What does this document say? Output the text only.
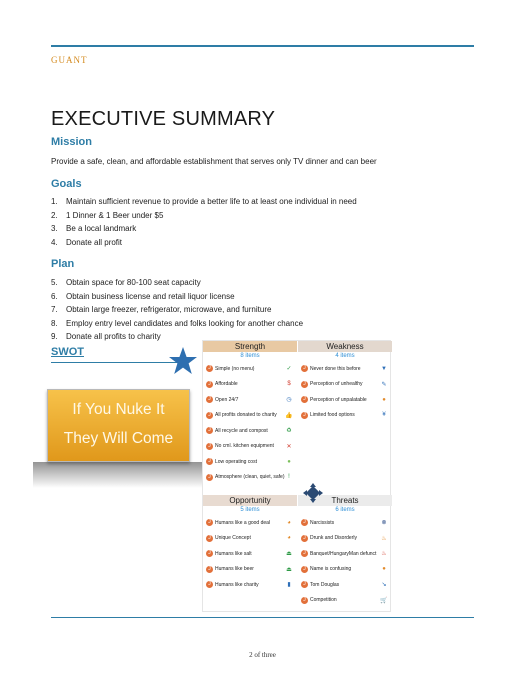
GUANT
EXECUTIVE SUMMARY
Mission
Provide a safe, clean, and affordable establishment that serves only TV dinner and can beer
Goals
1.	Maintain sufficient revenue to provide a better life to at least one individual in need
2.	1 Dinner & 1 Beer under $5
3.	Be a local landmark
4.	Donate all profit
Plan
5.	Obtain space for 80-100 seat capacity
6.	Obtain business license and retail liquor license
7.	Obtain large freezer, refrigerator, microwave, and furniture
8.	Employ entry level candidates and folks looking for another chance
9.	Donate all profits to charity
SWOT
If You Nuke It
They Will Come
Strength
8 items
J Simple (no menu)	✓
J Affordable	$
J Open 24/7	◷
J All profits donated to charity	👍
J All recycle and compost	♻
J No cml. kitchen equipment	✕
J Low operating cost	●
J Atmosphere (clean, quiet, safe) !
Weakness
4 items
J Never done this before	▼
J Perception of unhealthy	✎
J Perception of unpalatable	●
J Limited food options	¥
Opportunity
5 items
J Humans like a good deal	◕
J Unique Concept	◕
J Humans like salt	⏏
J Humans like beer	⏏
J Humans like charity	▮
Threats
6 items
J Narcissists	⊗
J Drunk and Disorderly	♨
J Banquet/HungaryMan defunct ♨
J Name is confusing	●
J Tom Douglas	↘
J Competition	🛒
2 of three
